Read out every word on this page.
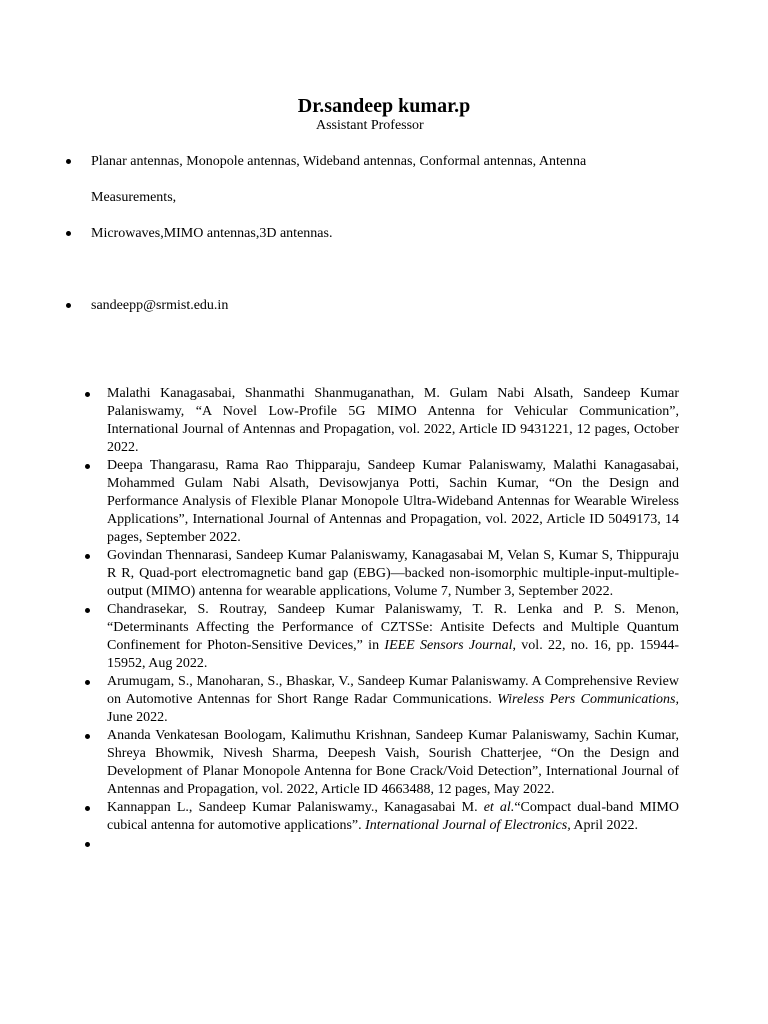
Dr.sandeep kumar.p
Assistant Professor
Planar antennas, Monopole antennas, Wideband antennas, Conformal antennas, Antenna
Measurements,
Microwaves,MIMO antennas,3D antennas.
sandeepp@srmist.edu.in
Malathi Kanagasabai, Shanmathi Shanmuganathan, M. Gulam Nabi Alsath, Sandeep Kumar Palaniswamy, “A Novel Low-Profile 5G MIMO Antenna for Vehicular Communication”, International Journal of Antennas and Propagation, vol. 2022, Article ID 9431221, 12 pages, October 2022.
Deepa Thangarasu, Rama Rao Thipparaju, Sandeep Kumar Palaniswamy, Malathi Kanagasabai, Mohammed Gulam Nabi Alsath, Devisowjanya Potti, Sachin Kumar, “On the Design and Performance Analysis of Flexible Planar Monopole Ultra-Wideband Antennas for Wearable Wireless Applications”, International Journal of Antennas and Propagation, vol. 2022, Article ID 5049173, 14 pages, September 2022.
Govindan Thennarasi, Sandeep Kumar Palaniswamy, Kanagasabai M, Velan S, Kumar S, Thippuraju R R, Quad-port electromagnetic band gap (EBG)—backed non-isomorphic multiple-input-multiple-output (MIMO) antenna for wearable applications, Volume 7, Number 3, September 2022.
Chandrasekar, S. Routray, Sandeep Kumar Palaniswamy, T. R. Lenka and P. S. Menon, “Determinants Affecting the Performance of CZTSSe: Antisite Defects and Multiple Quantum Confinement for Photon-Sensitive Devices,” in IEEE Sensors Journal, vol. 22, no. 16, pp. 15944-15952, Aug 2022.
Arumugam, S., Manoharan, S., Bhaskar, V., Sandeep Kumar Palaniswamy. A Comprehensive Review on Automotive Antennas for Short Range Radar Communications. Wireless Pers Communications, June 2022.
Ananda Venkatesan Boologam, Kalimuthu Krishnan, Sandeep Kumar Palaniswamy, Sachin Kumar, Shreya Bhowmik, Nivesh Sharma, Deepesh Vaish, Sourish Chatterjee, “On the Design and Development of Planar Monopole Antenna for Bone Crack/Void Detection”, International Journal of Antennas and Propagation, vol. 2022, Article ID 4663488, 12 pages, May 2022.
Kannappan L., Sandeep Kumar Palaniswamy., Kanagasabai M. et al.“Compact dual-band MIMO cubical antenna for automotive applications”. International Journal of Electronics, April 2022.
